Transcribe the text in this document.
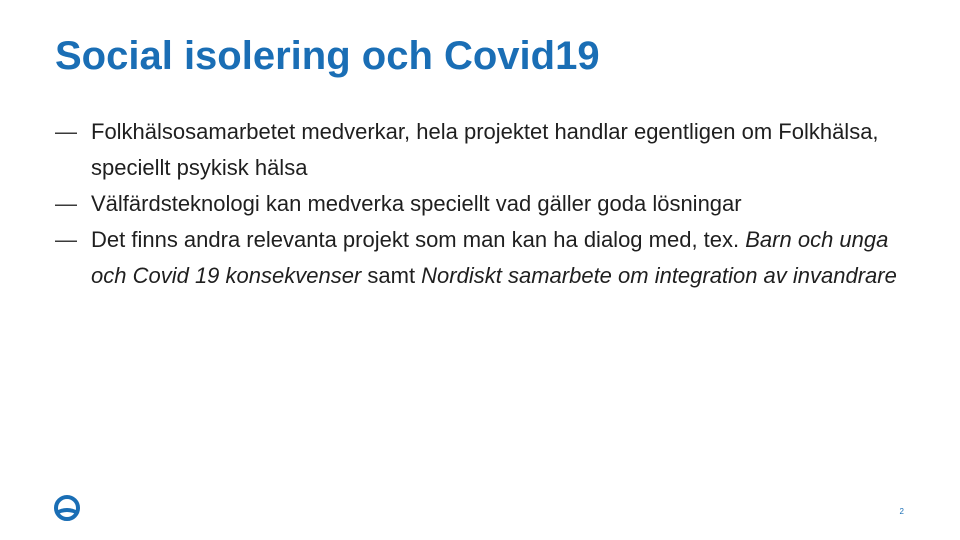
Social isolering och Covid19
— Folkhälsosamarbetet medverkar, hela projektet handlar egentligen om Folkhälsa, speciellt psykisk hälsa
— Välfärdsteknologi kan medverka speciellt vad gäller goda lösningar
— Det finns andra relevanta projekt som man kan ha dialog med, tex. Barn och unga och Covid 19 konsekvenser samt Nordiskt samarbete om integration av invandrare
2
